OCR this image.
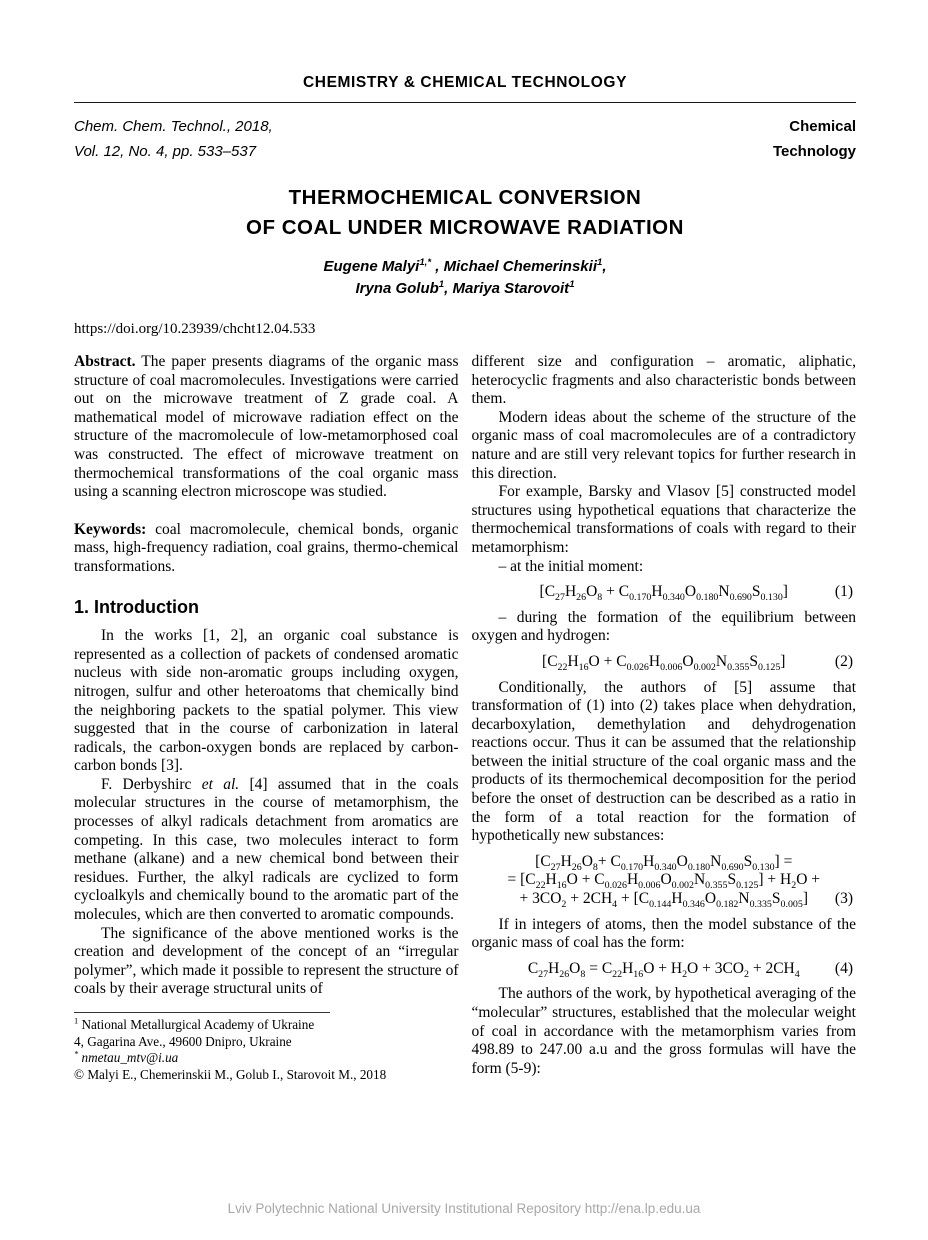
CHEMISTRY & CHEMICAL TECHNOLOGY
Chem. Chem. Technol., 2018,
Vol. 12, No. 4, pp. 533–537
Chemical
Technology
THERMOCHEMICAL CONVERSION
OF COAL UNDER MICROWAVE RADIATION
Eugene Malyi$^{1,*}$ , Michael Chemerinskii$^1$,
Iryna Golub$^1$, Mariya Starovoit$^1$
https://doi.org/10.23939/chcht12.04.533

Abstract. The paper presents diagrams of the organic mass structure of coal macromolecules. Investigations were carried out on the microwave treatment of Z grade coal. A mathematical model of microwave radiation effect on the structure of the macromolecule of low-metamorphosed coal was constructed. The effect of microwave treatment on thermochemical transformations of the coal organic mass using a scanning electron microscope was studied.

Keywords: coal macromolecule, chemical bonds, organic mass, high-frequency radiation, coal grains, thermo-chemical transformations.

1. Introduction

In the works [1, 2], an organic coal substance is represented as a collection of packets of condensed aromatic nucleus with side non-aromatic groups including oxygen, nitrogen, sulfur and other heteroatoms that chemically bind the neighboring packets to the spatial polymer. This view suggested that in the course of carbonization in lateral radicals, the carbon-oxygen bonds are replaced by carbon-carbon bonds [3].

F. Derbyshirc et al. [4] assumed that in the coals molecular structures in the course of metamorphism, the processes of alkyl radicals detachment from aromatics are competing. In this case, two molecules interact to form methane (alkane) and a new chemical bond between their residues. Further, the alkyl radicals are cyclized to form cycloalkyls and chemically bound to the aromatic part of the molecules, which are then converted to aromatic compounds.

The significance of the above mentioned works is the creation and development of the concept of an “irregular polymer”, which made it possible to represent the structure of coals by their average structural units of

$^1$ National Metallurgical Academy of Ukraine
4, Gagarina Ave., 49600 Dnipro, Ukraine
* nmetau_mtv@i.ua
© Malyi E., Chemerinskii M., Golub I., Starovoit M., 2018

different size and configuration – aromatic, aliphatic, heterocyclic fragments and also characteristic bonds between them.

Modern ideas about the scheme of the structure of the organic mass of coal macromolecules are of a contradictory nature and are still very relevant topics for further research in this direction.

For example, Barsky and Vlasov [5] constructed model structures using hypothetical equations that characterize the thermochemical transformations of coals with regard to their metamorphism:

– at the initial moment:

$[C_{27}H_{26}O_8 + C_{0.170}H_{0.340}O_{0.180}N_{0.690}S_{0.130}]$	(1)

– during the formation of the equilibrium between oxygen and hydrogen:

$[C_{22}H_{16}O + C_{0.026}H_{0.006}O_{0.002}N_{0.355}S_{0.125}]$	(2)

Conditionally, the authors of [5] assume that transformation of (1) into (2) takes place when dehydration, decarboxylation, demethylation and dehydrogenation reactions occur. Thus it can be assumed that the relationship between the initial structure of the coal organic mass and the products of its thermochemical decomposition for the period before the onset of destruction can be described as a ratio in the form of a total reaction for the formation of hypothetically new substances:

$[C_{27}H_{26}O_8+ C_{0.170}H_{0.340}O_{0.180}N_{0.690}S_{0.130}]$ =
= $[C_{22}H_{16}O + C_{0.026}H_{0.006}O_{0.002}N_{0.355}S_{0.125}] + H_2O$ +
+ $3CO_2 + 2CH_4 + [C_{0.144}H_{0.346}O_{0.182}N_{0.335}S_{0.005}]$ (3)

If in integers of atoms, then the model substance of the organic mass of coal has the form:

$C_{27}H_{26}O_8 = C_{22}H_{16}O + H_2O + 3CO_2 + 2CH_4$ (4)

The authors of the work, by hypothetical averaging of the “molecular” structures, established that the molecular weight of coal in accordance with the metamorphism varies from 498.89 to 247.00 a.u and the gross formulas will have the form (5-9):

Lviv Polytechnic National University Institutional Repository http://ena.lp.edu.ua
